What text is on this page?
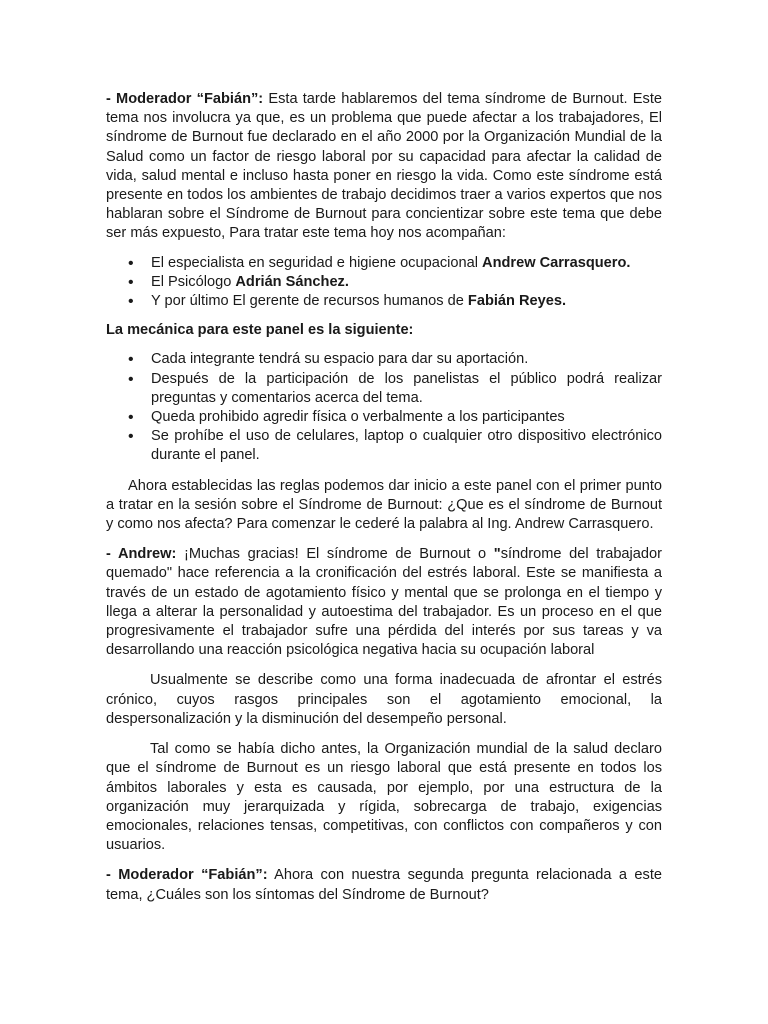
- Moderador “Fabián”: Esta tarde hablaremos del tema síndrome de Burnout. Este tema nos involucra ya que, es un problema que puede afectar a los trabajadores, El síndrome de Burnout fue declarado en el año 2000 por la Organización Mundial de la Salud como un factor de riesgo laboral por su capacidad para afectar la calidad de vida, salud mental e incluso hasta poner en riesgo la vida. Como este síndrome está presente en todos los ambientes de trabajo decidimos traer a varios expertos que nos hablaran sobre el Síndrome de Burnout para concientizar sobre este tema que debe ser más expuesto, Para tratar este tema hoy nos acompañan:

• El especialista en seguridad e higiene ocupacional Andrew Carrasquero.
• El Psicólogo Adrián Sánchez.
• Y por último El gerente de recursos humanos de Fabián Reyes.

La mecánica para este panel es la siguiente:

• Cada integrante tendrá su espacio para dar su aportación.
• Después de la participación de los panelistas el público podrá realizar preguntas y comentarios acerca del tema.
• Queda prohibido agredir física o verbalmente a los participantes
• Se prohíbe el uso de celulares, laptop o cualquier otro dispositivo electrónico durante el panel.

Ahora establecidas las reglas podemos dar inicio a este panel con el primer punto a tratar en la sesión sobre el Síndrome de Burnout: ¿Que es el síndrome de Burnout y como nos afecta? Para comenzar le cederé la palabra al Ing. Andrew Carrasquero.

- Andrew: ¡Muchas gracias! El síndrome de Burnout o "síndrome del trabajador quemado" hace referencia a la cronificación del estrés laboral. Este se manifiesta a través de un estado de agotamiento físico y mental que se prolonga en el tiempo y llega a alterar la personalidad y autoestima del trabajador. Es un proceso en el que progresivamente el trabajador sufre una pérdida del interés por sus tareas y va desarrollando una reacción psicológica negativa hacia su ocupación laboral

Usualmente se describe como una forma inadecuada de afrontar el estrés crónico, cuyos rasgos principales son el agotamiento emocional, la despersonalización y la disminución del desempeño personal.

Tal como se había dicho antes, la Organización mundial de la salud declaro que el síndrome de Burnout es un riesgo laboral que está presente en todos los ámbitos laborales y esta es causada, por ejemplo, por una estructura de la organización muy jerarquizada y rígida, sobrecarga de trabajo, exigencias emocionales, relaciones tensas, competitivas, con conflictos con compañeros y con usuarios.

- Moderador “Fabián”: Ahora con nuestra segunda pregunta relacionada a este tema, ¿Cuáles son los síntomas del Síndrome de Burnout?
